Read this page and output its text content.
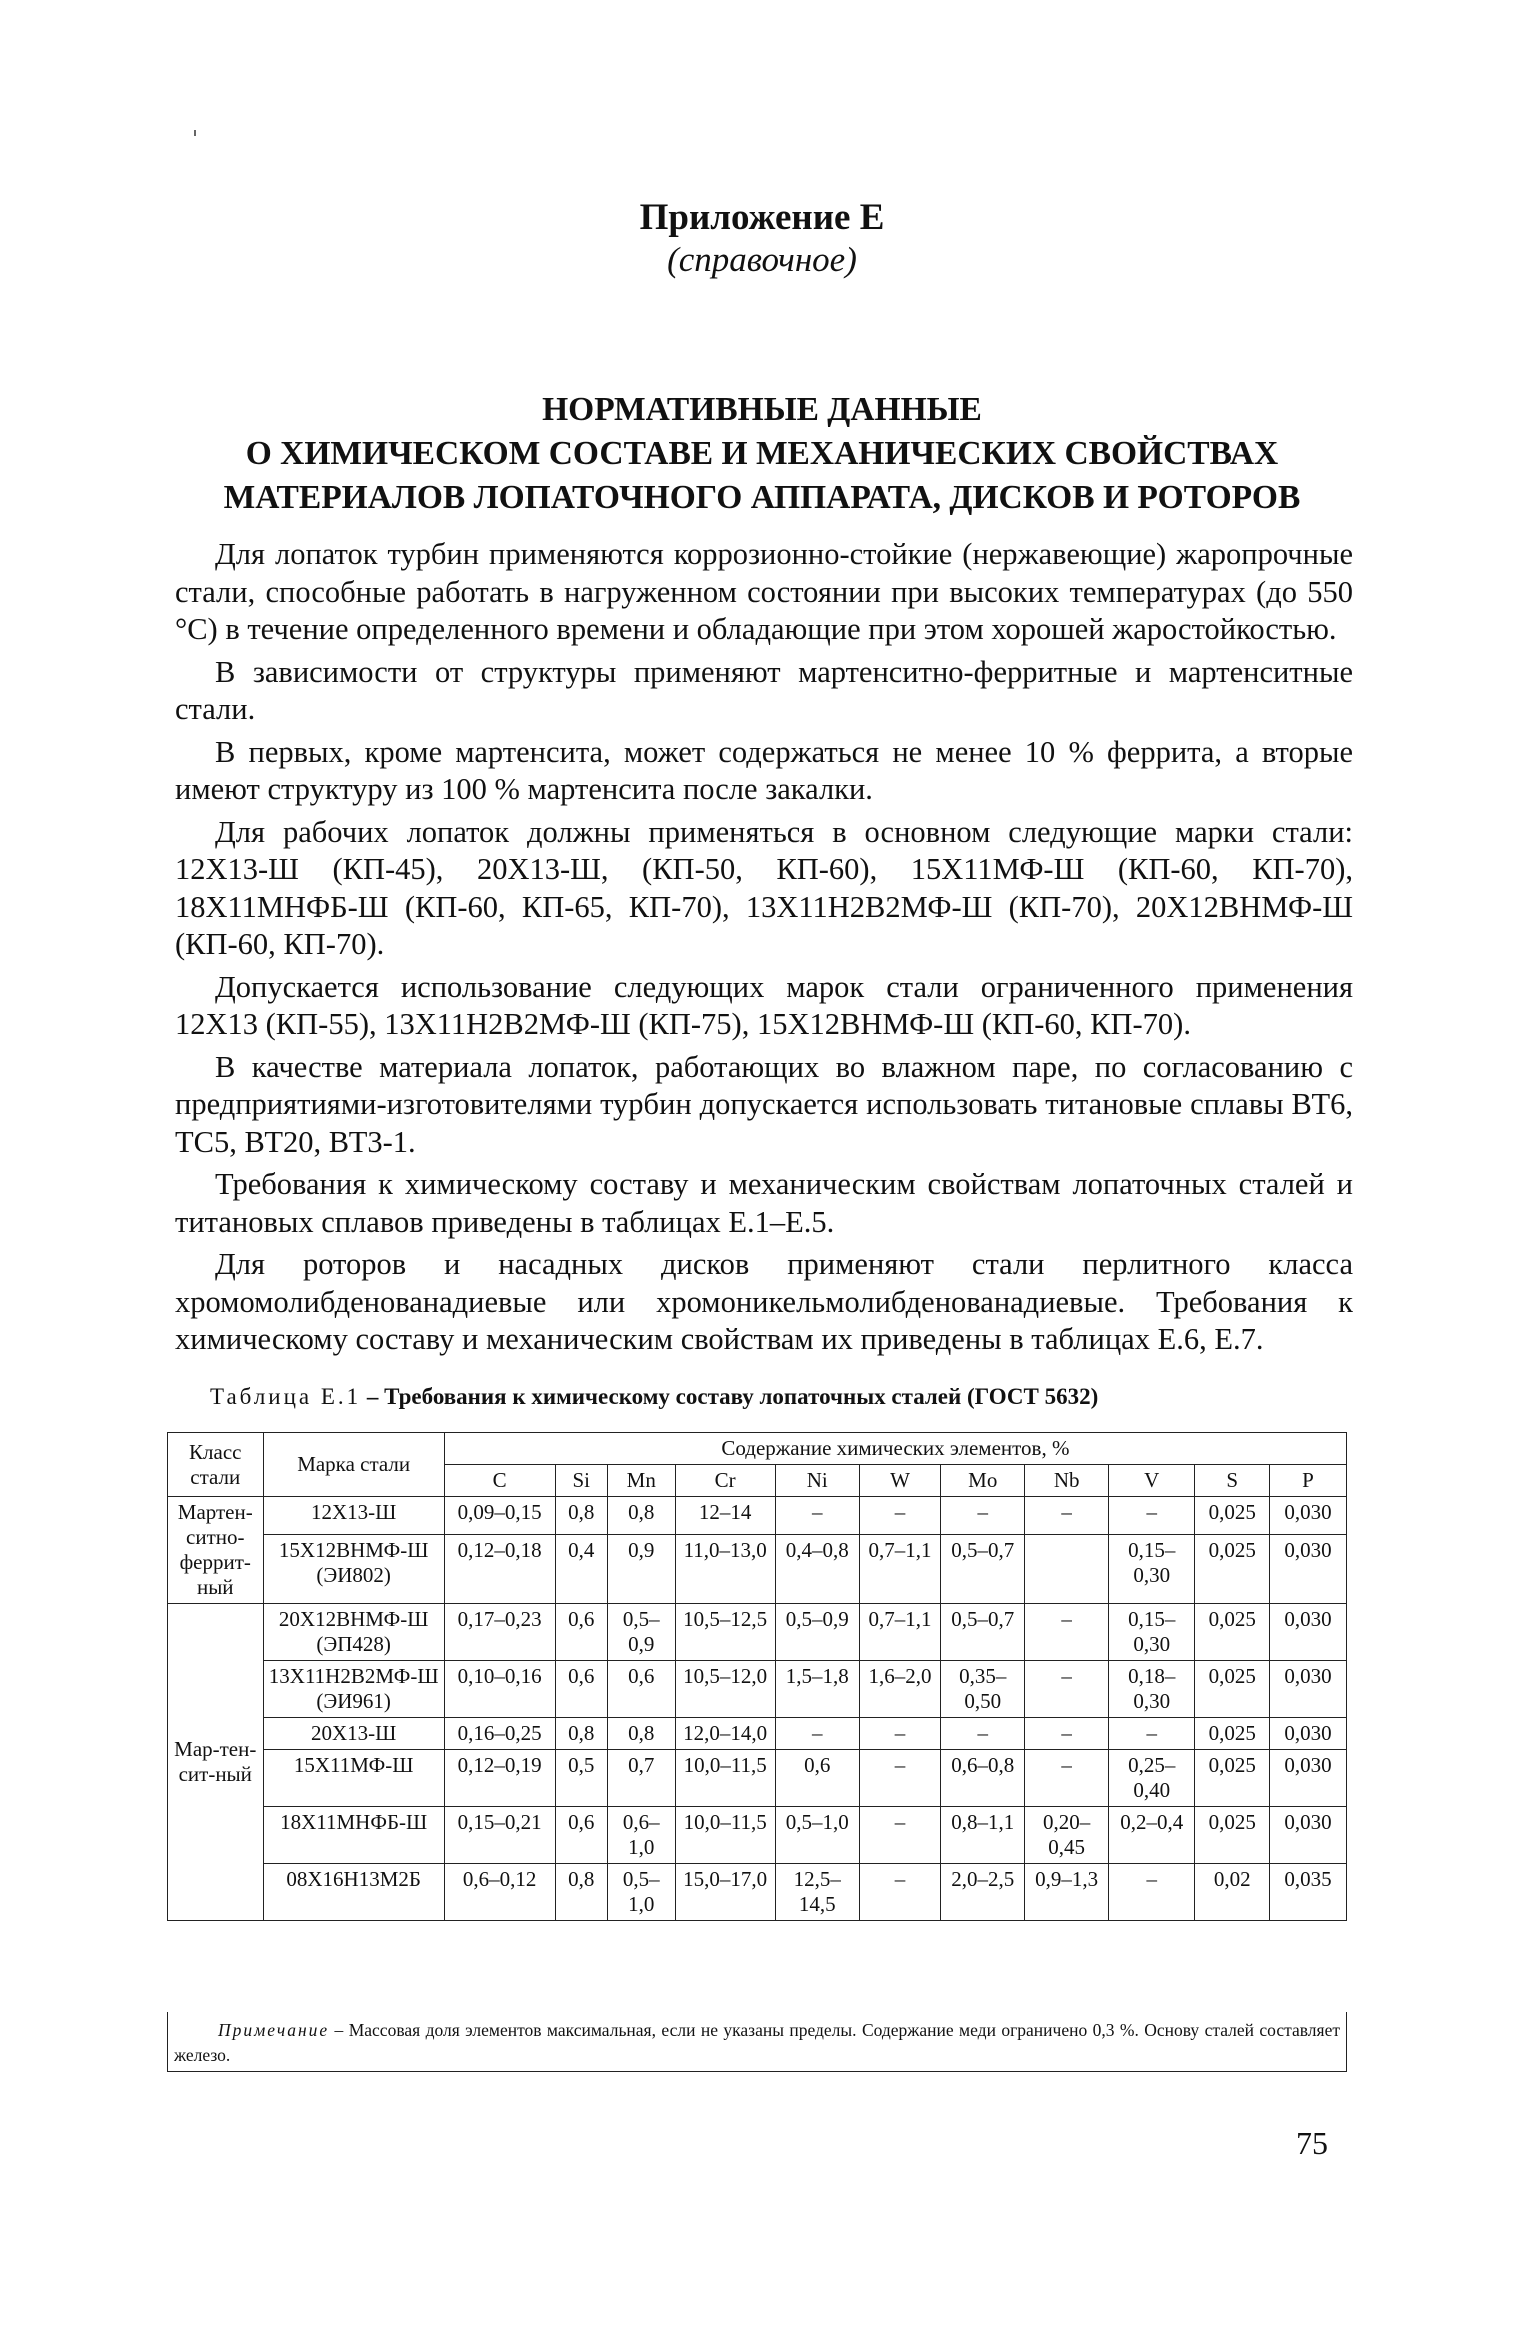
Приложение Е
(справочное)
НОРМАТИВНЫЕ ДАННЫЕ
О ХИМИЧЕСКОМ СОСТАВЕ И МЕХАНИЧЕСКИХ СВОЙСТВАХ
МАТЕРИАЛОВ ЛОПАТОЧНОГО АППАРАТА, ДИСКОВ И РОТОРОВ

Для лопаток турбин применяются коррозионно-стойкие (нержавеющие) жаропрочные стали, способные работать в нагруженном состоянии при высоких температурах (до 550 °С) в течение определенного времени и обладающие при этом хорошей жаростойкостью.

В зависимости от структуры применяют мартенситно-ферритные и мартенситные стали.

В первых, кроме мартенсита, может содержаться не менее 10 % феррита, а вторые имеют структуру из 100 % мартенсита после закалки.

Для рабочих лопаток должны применяться в основном следующие марки стали: 12Х13-Ш (КП-45), 20Х13-Ш, (КП-50, КП-60), 15Х11МФ-Ш (КП-60, КП-70), 18Х11МНФБ-Ш (КП-60, КП-65, КП-70), 13Х11Н2В2МФ-Ш (КП-70), 20Х12ВНМФ-Ш (КП-60, КП-70).

Допускается использование следующих марок стали ограниченного применения 12Х13 (КП-55), 13Х11Н2В2МФ-Ш (КП-75), 15Х12ВНМФ-Ш (КП-60, КП-70).

В качестве материала лопаток, работающих во влажном паре, по согласованию с предприятиями-изготовителями турбин допускается использовать титановые сплавы ВТ6, ТС5, ВТ20, ВТ3-1.

Требования к химическому составу и механическим свойствам лопаточных сталей и титановых сплавов приведены в таблицах Е.1–Е.5.

Для роторов и насадных дисков применяют стали перлитного класса хромомолибденованадиевые или хромоникельмолибденованадиевые. Требования к химическому составу и механическим свойствам их приведены в таблицах Е.6, Е.7.

Таблица Е.1 – Требования к химическому составу лопаточных сталей (ГОСТ 5632)
Класс стали	Марка стали	Содержание химических элементов, %										
		C	Si	Mn	Cr	Ni	W	Mo	Nb	V	S	P
Мартен-ситно-феррит-ный	12Х13-Ш	0,09–0,15	0,8	0,8	12–14	–	–	–	–	–	0,025	0,030
	15Х12ВНМФ-Ш (ЭИ802)	0,12–0,18	0,4	0,9	11,0–13,0	0,4–0,8	0,7–1,1	0,5–0,7		0,15–0,30	0,025	0,030
Мар-тен-сит-ный	20Х12ВНМФ-Ш (ЭП428)	0,17–0,23	0,6	0,5–0,9	10,5–12,5	0,5–0,9	0,7–1,1	0,5–0,7	–	0,15–0,30	0,025	0,030
	13Х11Н2В2МФ-Ш (ЭИ961)	0,10–0,16	0,6	0,6	10,5–12,0	1,5–1,8	1,6–2,0	0,35–0,50	–	0,18–0,30	0,025	0,030
	20Х13-Ш	0,16–0,25	0,8	0,8	12,0–14,0	–	–	–	–	–	0,025	0,030
	15Х11МФ-Ш	0,12–0,19	0,5	0,7	10,0–11,5	0,6	–	0,6–0,8	–	0,25–0,40	0,025	0,030
	18Х11МНФБ-Ш	0,15–0,21	0,6	0,6–1,0	10,0–11,5	0,5–1,0	–	0,8–1,1	0,20–0,45	0,2–0,4	0,025	0,030
	08Х16Н13М2Б	0,6–0,12	0,8	0,5–1,0	15,0–17,0	12,5–14,5	–	2,0–2,5	0,9–1,3	–	0,02	0,035
Примечание – Массовая доля элементов максимальная, если не указаны пределы. Содержание меди ограничено 0,3 %. Основу сталей составляет железо.
75
